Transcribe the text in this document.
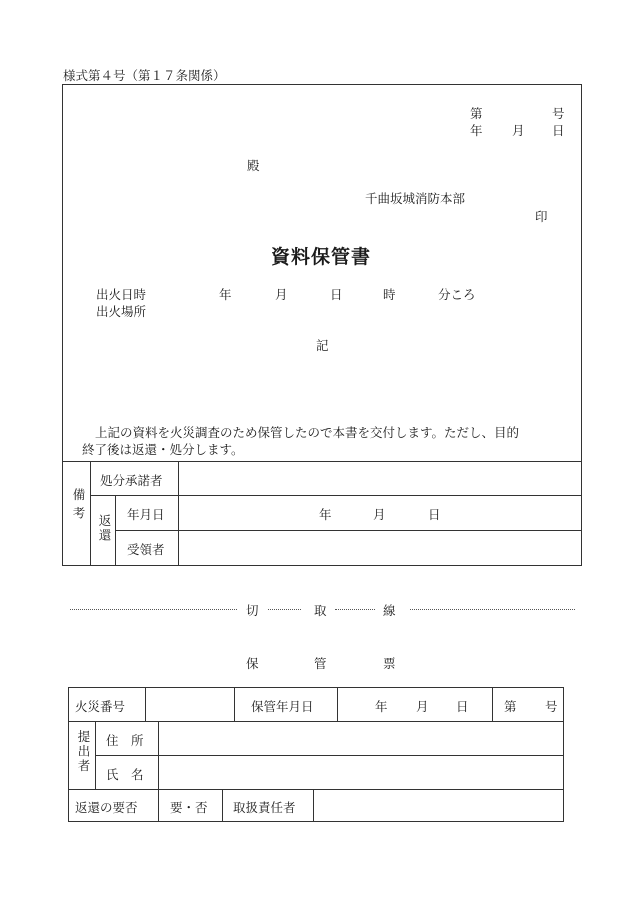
様式第４号（第１７条関係）
第	号
年 月 日
殿
千曲坂城消防本部
印
資料保管書
出火日時	年	月	日	時	分ころ
出火場所
記
上記の資料を火災調査のため保管したので本書を交付します。ただし、目的
終了後は返還・処分します。
備考
処分承諾者
返還 年月日	年	月	日
受領者
切	取	線
保	管	票
火災番号	保管年月日	年 月 日	第 号
提出者 住　所
氏　名
返還の要否	要・否 取扱責任者
